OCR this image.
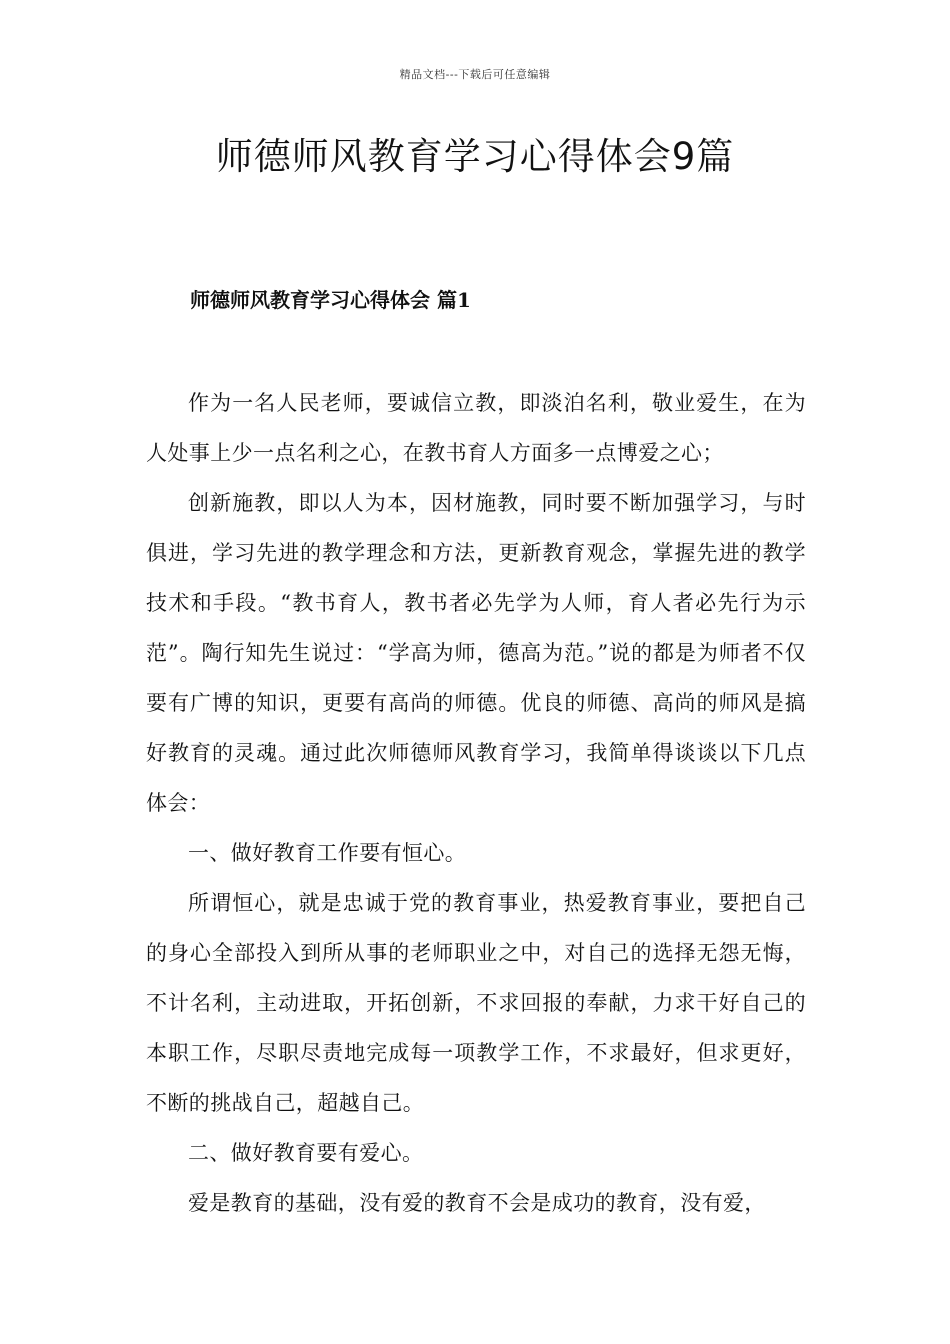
精品文档---下载后可任意编辑
师德师风教育学习心得体会9篇
师德师风教育学习心得体会 篇1

作为一名人民老师，要诚信立教，即淡泊名利，敬业爱生，在为人处事上少一点名利之心，在教书育人方面多一点博爱之心；

创新施教，即以人为本，因材施教，同时要不断加强学习，与时俱进，学习先进的教学理念和方法，更新教育观念，掌握先进的教学技术和手段。“教书育人，教书者必先学为人师，育人者必先行为示范”。陶行知先生说过：“学高为师，德高为范。”说的都是为师者不仅要有广博的知识，更要有高尚的师德。优良的师德、高尚的师风是搞好教育的灵魂。通过此次师德师风教育学习，我简单得谈谈以下几点体会：

一、做好教育工作要有恒心。

所谓恒心，就是忠诚于党的教育事业，热爱教育事业，要把自己的身心全部投入到所从事的老师职业之中，对自己的选择无怨无悔，不计名利，主动进取，开拓创新，不求回报的奉献，力求干好自己的本职工作，尽职尽责地完成每一项教学工作，不求最好，但求更好，不断的挑战自己，超越自己。

二、做好教育要有爱心。

爱是教育的基础，没有爱的教育不会是成功的教育，没有爱，
